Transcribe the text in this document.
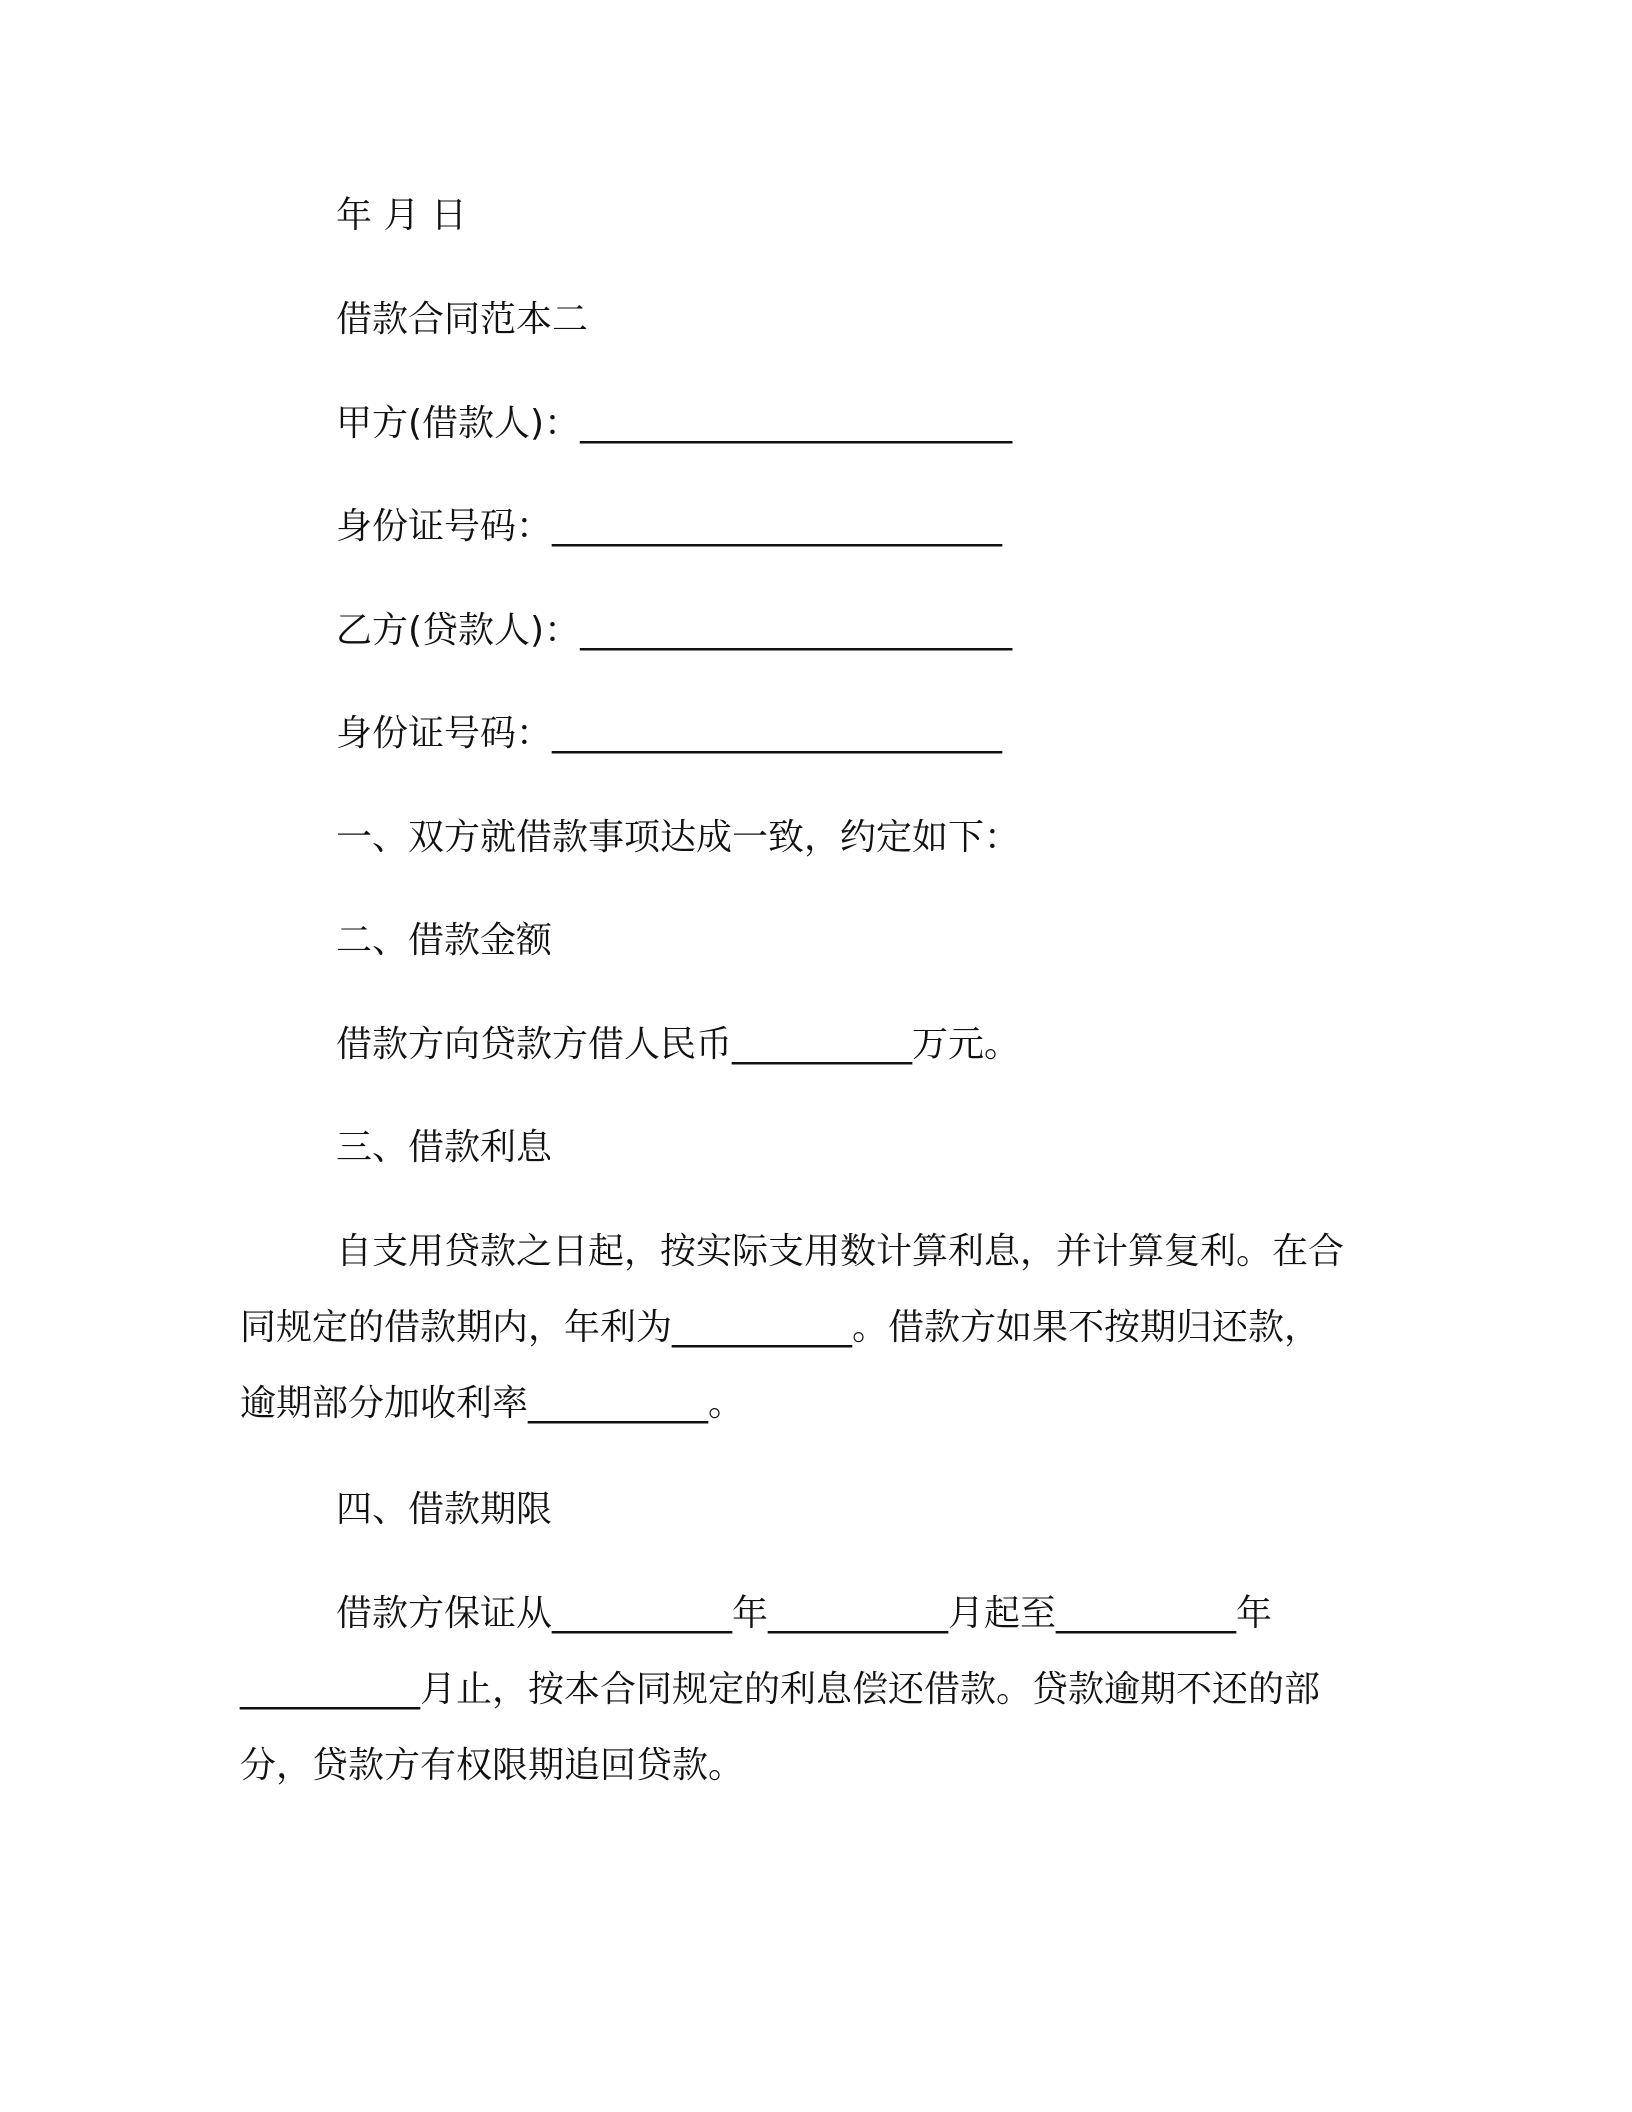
年 月 日
借款合同范本二
甲方(借款人)：________________________
身份证号码：_________________________
乙方(贷款人)：________________________
身份证号码：_________________________
一、双方就借款事项达成一致，约定如下：
二、借款金额
借款方向贷款方借人民币__________万元。
三、借款利息
自支用贷款之日起，按实际支用数计算利息，并计算复利。在合
同规定的借款期内，年利为__________。借款方如果不按期归还款，
逾期部分加收利率__________。
四、借款期限
借款方保证从__________年__________月起至__________年
__________月止，按本合同规定的利息偿还借款。贷款逾期不还的部
分，贷款方有权限期追回贷款。
